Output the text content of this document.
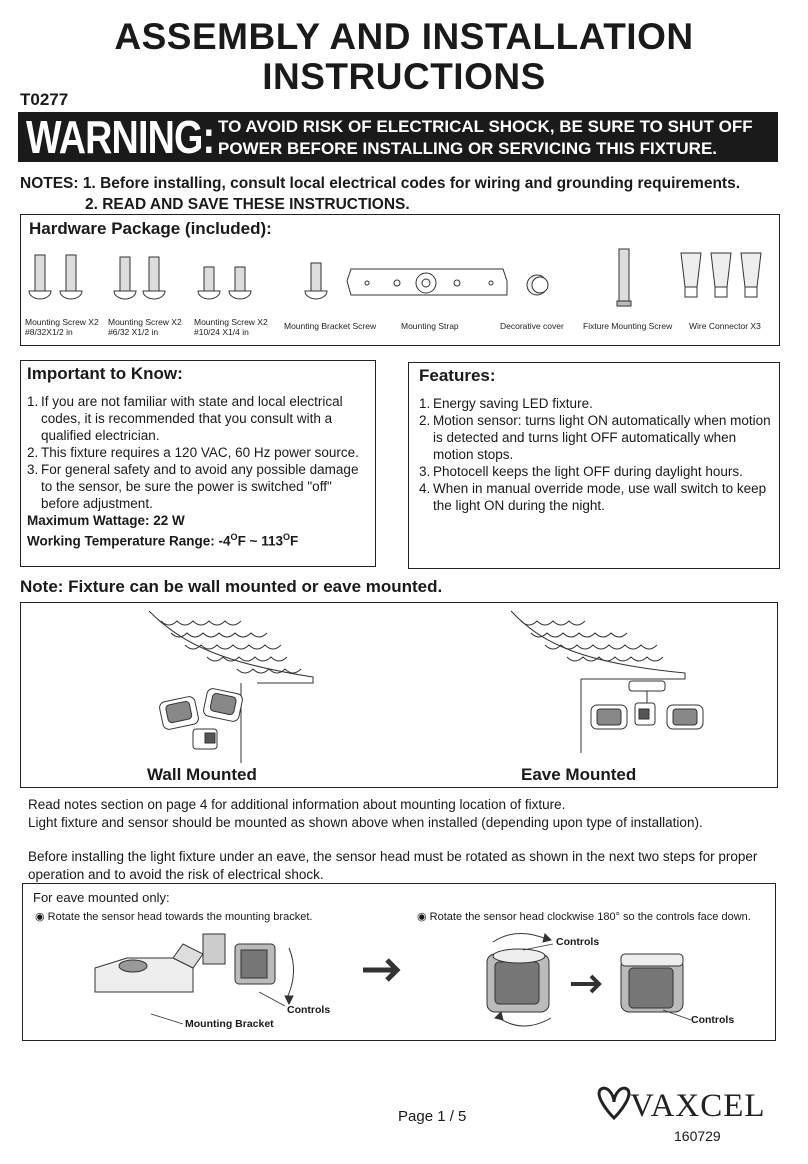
ASSEMBLY AND INSTALLATION
INSTRUCTIONS
T0277
WARNING: TO AVOID RISK OF ELECTRICAL SHOCK, BE SURE TO SHUT OFF
POWER BEFORE INSTALLING OR SERVICING THIS FIXTURE.
NOTES: 1. Before installing, consult local electrical codes for wiring and grounding requirements.
2. READ AND SAVE THESE INSTRUCTIONS.
Hardware Package (included):
Mounting Screw X2
#8/32X1/2 in
Mounting Screw X2
#6/32 X1/2 in
Mounting Screw X2
#10/24 X1/4 in
Mounting Bracket Screw	Mounting Strap	Decorative cover Fixture Mounting Screw Wire Connector X3
Important to Know:
1. If you are not familiar with state and local electrical codes, it is recommended that you consult with a qualified electrician.
2. This fixture requires a 120 VAC, 60 Hz power source.
3. For general safety and to avoid any possible damage to the sensor, be sure the power is switched "off" before adjustment.
Maximum Wattage: 22 W
Working Temperature Range: $-4^OF$ ~ $113^OF$
Features:
1. Energy saving LED fixture.
2. Motion sensor: turns light ON automatically when motion is detected and turns light OFF automatically when motion stops.
3. Photocell keeps the light OFF during daylight hours.
4. When in manual override mode, use wall switch to keep the light ON during the night.
Note: Fixture can be wall mounted or eave mounted.
Wall Mounted	Eave Mounted
Read notes section on page 4 for additional information about mounting location of fixture.
Light fixture and sensor should be mounted as shown above when installed (depending upon type of installation).
Before installing the light fixture under an eave, the sensor head must be rotated as shown in the next two steps for proper operation and to avoid the risk of electrical shock.
For eave mounted only:
◉ Rotate the sensor head towards the mounting bracket.	◉ Rotate the sensor head clockwise 180° so the controls face down.
Controls
Mounting Bracket
Controls
Controls
Page 1 / 5	VAXCEL
160729
